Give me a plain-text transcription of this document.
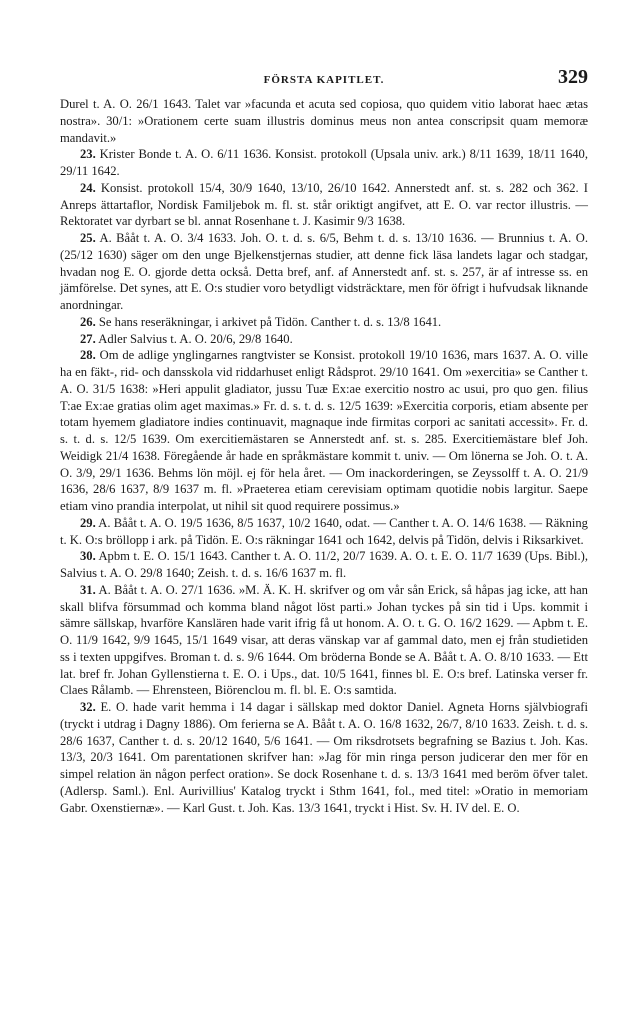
FÖRSTA KAPITLET.	329

Durel t. A. O. 26/1 1643. Talet var »facunda et acuta sed copiosa, quo quidem vitio laborat haec ætas nostra». 30/1: »Orationem certe suam illustris dominus meus non antea conscripsit quam memoræ mandavit.»

23. Krister Bonde t. A. O. 6/11 1636. Konsist. protokoll (Upsala univ. ark.) 8/11 1639, 18/11 1640, 29/11 1642.

24. Konsist. protokoll 15/4, 30/9 1640, 13/10, 26/10 1642. Annerstedt anf. st. s. 282 och 362. I Anreps ättartaflor, Nordisk Familjebok m. fl. st. står oriktigt angifvet, att E. O. var rector illustris. — Rektoratet var dyrbart se bl. annat Rosenhane t. J. Kasimir 9/3 1638.

25. A. Bååt t. A. O. 3/4 1633. Joh. O. t. d. s. 6/5, Behm t. d. s. 13/10 1636. — Brunnius t. A. O. (25/12 1630) säger om den unge Bjelkenstjernas studier, att denne fick läsa landets lagar och stadgar, hvadan nog E. O. gjorde detta också. Detta bref, anf. af Annerstedt anf. st. s. 257, är af intresse ss. en jämförelse. Det synes, att E. O:s studier voro betydligt vidsträcktare, men för öfrigt i hufvudsak liknande anordningar.

26. Se hans reseräkningar, i arkivet på Tidön. Canther t. d. s. 13/8 1641.

27. Adler Salvius t. A. O. 20/6, 29/8 1640.

28. Om de adlige ynglingarnes rangtvister se Konsist. protokoll 19/10 1636, mars 1637. A. O. ville ha en fäkt-, rid- och dansskola vid riddarhuset enligt Rådsprot. 29/10 1641. Om »exercitia» se Canther t. A. O. 31/5 1638: »Heri appulit gladiator, jussu Tuæ Ex:ae exercitio nostro ac usui, pro quo gen. filius T:ae Ex:ae gratias olim aget maximas.» Fr. d. s. t. d. s. 12/5 1639: »Exercitia corporis, etiam absente per totam hyemem gladiatore indies continuavit, magnaque inde firmitas corpori ac sanitati accessit». Fr. d. s. t. d. s. 12/5 1639. Om exercitiemästaren se Annerstedt anf. st. s. 285. Exercitiemästare blef Joh. Weidigk 21/4 1638. Föregående år hade en språkmästare kommit t. univ. — Om lönerna se Joh. O. t. A. O. 3/9, 29/1 1636. Behms lön möjl. ej för hela året. — Om inackorderingen, se Zeyssolff t. A. O. 21/9 1636, 28/6 1637, 8/9 1637 m. fl. »Praeterea etiam cerevisiam optimam quotidie nobis largitur. Saepe etiam vino prandia interpolat, ut nihil sit quod requirere possimus.»

29. A. Bååt t. A. O. 19/5 1636, 8/5 1637, 10/2 1640, odat. — Canther t. A. O. 14/6 1638. — Räkning t. K. O:s bröllopp i ark. på Tidön. E. O:s räkningar 1641 och 1642, delvis på Tidön, delvis i Riksarkivet.

30. Apbm t. E. O. 15/1 1643. Canther t. A. O. 11/2, 20/7 1639. A. O. t. E. O. 11/7 1639 (Ups. Bibl.), Salvius t. A. O. 29/8 1640; Zeish. t. d. s. 16/6 1637 m. fl.

31. A. Bååt t. A. O. 27/1 1636. »M. Ä. K. H. skrifver og om vår sån Erick, så håpas jag icke, att han skall blifva försummad och komma bland något löst parti.» Johan tyckes på sin tid i Ups. kommit i sämre sällskap, hvarföre Kanslären hade varit ifrig få ut honom. A. O. t. G. O. 16/2 1629. — Apbm t. E. O. 11/9 1642, 9/9 1645, 15/1 1649 visar, att deras vänskap var af gammal dato, men ej från studietiden ss i texten uppgifves. Broman t. d. s. 9/6 1644. Om bröderna Bonde se A. Bååt t. A. O. 8/10 1633. — Ett lat. bref fr. Johan Gyllenstierna t. E. O. i Ups., dat. 10/5 1641, finnes bl. E. O:s bref. Latinska verser fr. Claes Rålamb. — Ehrensteen, Biörenclou m. fl. bl. E. O:s samtida.

32. E. O. hade varit hemma i 14 dagar i sällskap med doktor Daniel. Agneta Horns självbiografi (tryckt i utdrag i Dagny 1886). Om ferierna se A. Bååt t. A. O. 16/8 1632, 26/7, 8/10 1633. Zeish. t. d. s. 28/6 1637, Canther t. d. s. 20/12 1640, 5/6 1641. — Om riksdrotsets begrafning se Bazius t. Joh. Kas. 13/3, 20/3 1641. Om parentationen skrifver han: »Jag för min ringa person judicerar den mer för en simpel relation än någon perfect oration». Se dock Rosenhane t. d. s. 13/3 1641 med beröm öfver talet. (Adlersp. Saml.). Enl. Aurivillius' Katalog tryckt i Sthm 1641, fol., med titel: »Oratio in memoriam Gabr. Oxenstiernæ». — Karl Gust. t. Joh. Kas. 13/3 1641, tryckt i Hist. Sv. H. IV del. E. O.
